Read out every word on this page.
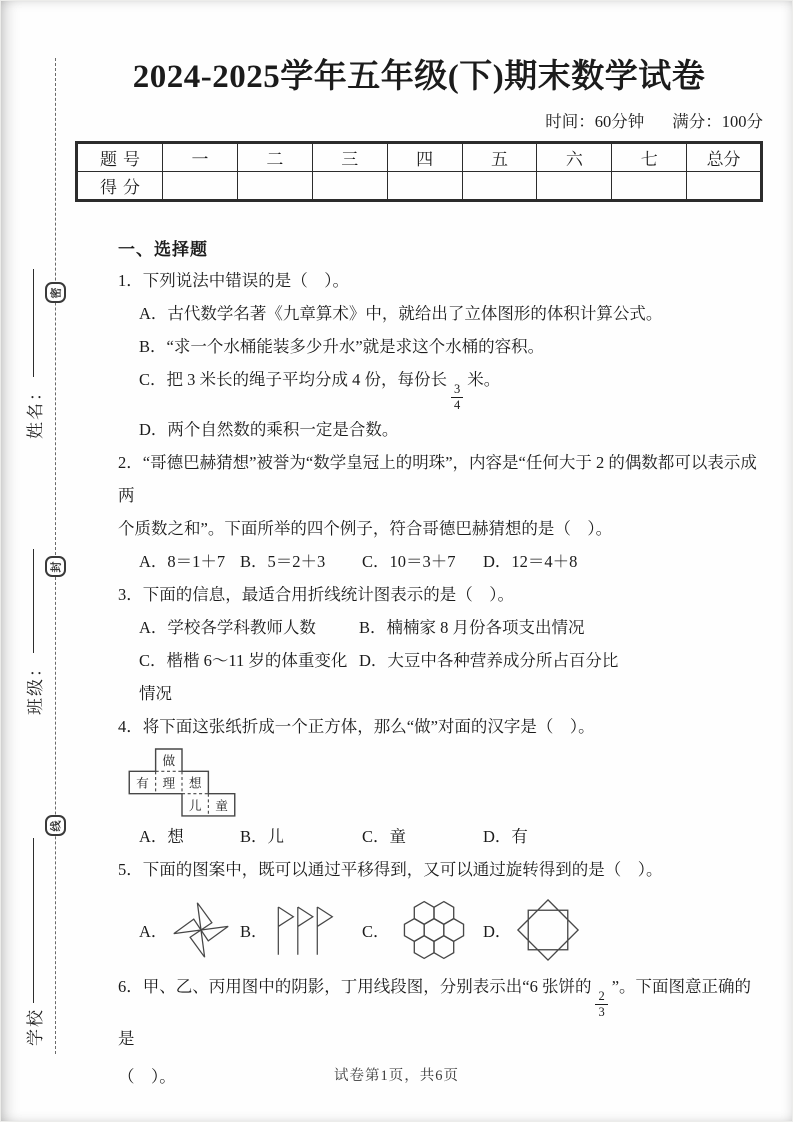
密
封
线
姓名：
班级：
学校
2024-2025学年五年级(下)期末数学试卷
时间：60分钟 满分：100分
题号	一	二	三	四	五	六	七	总分
得分								
一、选择题

1．下列说法中错误的是（　）。

A．古代数学名著《九章算术》中，就给出了立体图形的体积计算公式。

B．“求一个水桶能装多少升水”就是求这个水桶的容积。

C．把 3 米长的绳子平均分成 4 份，每份长
$\frac{3}{4}$
米。

D．两个自然数的乘积一定是合数。

2．“哥德巴赫猜想”被誉为“数学皇冠上的明珠”，内容是“任何大于 2 的偶数都可以表示成两

个质数之和”。下面所举的四个例子，符合哥德巴赫猜想的是（　）。

A．8＝1＋7 B．5＝2＋3	C．10＝3＋7	D．12＝4＋8

3．下面的信息，最适合用折线统计图表示的是（　）。

A．学校各学科教师人数	B．楠楠家 8 月份各项支出情况
C．楷楷 6～11 岁的体重变化情况
D．大豆中各种营养成分所占百分比

4．将下面这张纸折成一个正方体，那么“做”对面的汉字是（　）。

做
有 理 想
儿 童
A．想	B．儿	C．童	D．有

5．下面的图案中，既可以通过平移得到，又可以通过旋转得到的是（　）。

A．	B．	C．	D．

6．甲、乙、丙用图中的阴影，丁用线段图，分别表示出“6 张饼的
$\frac{2}{3}$
”。下面图意正确的是

（　）。	试卷第1页，共6页
